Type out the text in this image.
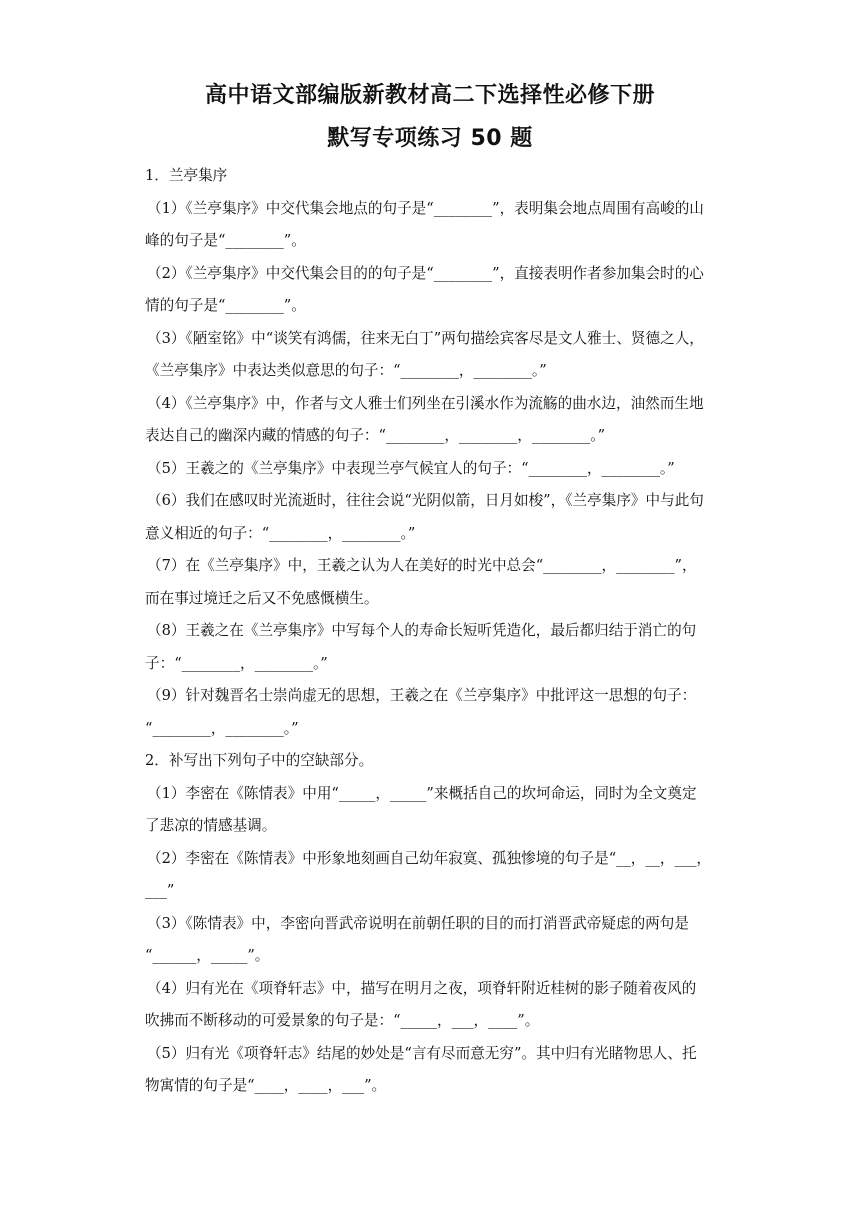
高中语文部编版新教材高二下选择性必修下册
默写专项练习 50 题
1．兰亭集序
（1）《兰亭集序》中交代集会地点的句子是“________”，表明集会地点周围有高峻的山
峰的句子是“________”。
（2）《兰亭集序》中交代集会目的的句子是“________”，直接表明作者参加集会时的心
情的句子是“________”。
（3）《陋室铭》中“谈笑有鸿儒，往来无白丁”两句描绘宾客尽是文人雅士、贤德之人，
《兰亭集序》中表达类似意思的句子：“________，________。”
（4）《兰亭集序》中，作者与文人雅士们列坐在引溪水作为流觞的曲水边，油然而生地
表达自己的幽深内藏的情感的句子：“________，________，________。”
（5）王羲之的《兰亭集序》中表现兰亭气候宜人的句子：“________，________。”
（6）我们在感叹时光流逝时，往往会说“光阴似箭，日月如梭”，《兰亭集序》中与此句
意义相近的句子：“________，________。”
（7）在《兰亭集序》中，王羲之认为人在美好的时光中总会“________，________”，
而在事过境迁之后又不免感慨横生。
（8）王羲之在《兰亭集序》中写每个人的寿命长短听凭造化，最后都归结于消亡的句
子：“________，________。”
（9）针对魏晋名士崇尚虚无的思想，王羲之在《兰亭集序》中批评这一思想的句子：
“________，________。”
2．补写出下列句子中的空缺部分。
（1）李密在《陈情表》中用“_____，_____”来概括自己的坎坷命运，同时为全文奠定
了悲凉的情感基调。
（2）李密在《陈情表》中形象地刻画自己幼年寂寞、孤独惨境的句子是“__，__，___，
___”
（3）《陈情表》中，李密向晋武帝说明在前朝任职的目的而打消晋武帝疑虑的两句是
“______，_____”。
（4）归有光在《项脊轩志》中，描写在明月之夜，项脊轩附近桂树的影子随着夜风的
吹拂而不断移动的可爱景象的句子是：“_____，___，____”。
（5）归有光《项脊轩志》结尾的妙处是“言有尽而意无穷”。其中归有光睹物思人、托
物寓情的句子是“____，____，___”。
